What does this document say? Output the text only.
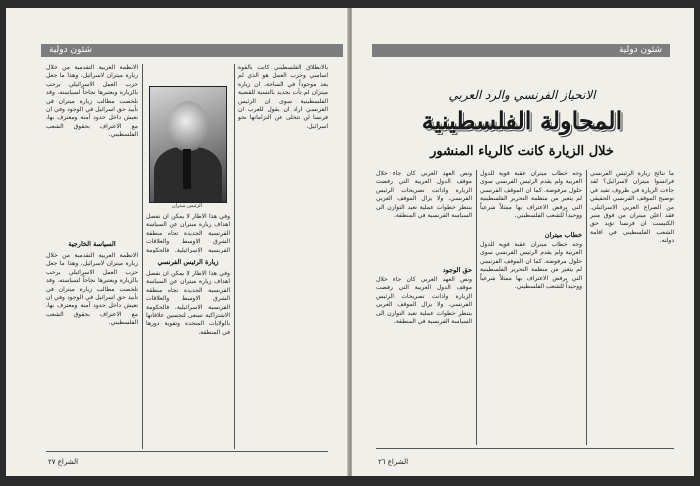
شئون دولية
بالانطلاق الفلسطيني كانت بالقوة اساسي وحزب العمل هو الذي لم يعد موجوداً في الساحة. ان زيارة ميتران لم تأت بجديد بالنسبة للقضية الفلسطينية سوى ان الرئيس الفرنسي اراد ان يقول للعرب ان فرنسا لن تتخلى عن التزاماتها نحو اسرائيل.
الرئيس ميتران
زيارة الرئيس الفرنسي
وفي هذا الاطار لا يمكن ان نفصل اهداف زيارة ميتران عن السياسة الفرنسية الجديدة تجاه منطقة الشرق الاوسط والعلاقات الفرنسية الاسرائيلية. فالحكومة
وفي هذا الاطار لا يمكن ان نفصل اهداف زيارة ميتران عن السياسة الفرنسية الجديدة تجاه منطقة الشرق الاوسط والعلاقات الفرنسية الاسرائيلية. فالحكومة الاشتراكية تسعى لتحسين علاقاتها بالولايات المتحدة وتقوية دورها في المنطقة.
الانظمة العربية التقدمية من خلال زيارة ميتران لاسرائيل، وهذا ما جعل حزب العمل الاسرائيلي يرحب بالزيارة ويعتبرها نجاحاً لسياسته. وقد تلخصت مطالب زيارة ميتران في تأييد حق اسرائيل في الوجود وفي ان تعيش داخل حدود آمنة ومعترف بها، مع الاعتراف بحقوق الشعب الفلسطيني.
السياسة الخارجية
الانظمة العربية التقدمية من خلال زيارة ميتران لاسرائيل، وهذا ما جعل حزب العمل الاسرائيلي يرحب بالزيارة ويعتبرها نجاحاً لسياسته. وقد تلخصت مطالب زيارة ميتران في تأييد حق اسرائيل في الوجود وفي ان تعيش داخل حدود آمنة ومعترف بها، مع الاعتراف بحقوق الشعب الفلسطيني.
الشراع ٢٧
شئون دولية
الانحياز الفرنسي والرد العربي
المحاولة الفلسطينية
خلال الزيارة كانت كالرياء المنشور
ما نتائج زيارة الرئيس الفرنسي فرانسوا ميتران لاسرائيل؟ لقد جاءت الزيارة في ظروف تفيد في توضيح الموقف الفرنسي الحقيقي من الصراع العربي الاسرائيلي. فقد اعلن ميتران من فوق منبر الكنيست ان فرنسا تؤيد حق الشعب الفلسطيني في اقامة دولته.
وجه خطاب ميتران عقبة قوية للدول العربية ولم يقدم الرئيس الفرنسي سوى حلول مرفوضة. كما ان الموقف الفرنسي لم يتغير من منظمة التحرير الفلسطينية التي يرفض الاعتراف بها ممثلاً شرعياً ووحيداً للشعب الفلسطيني.
خطاب ميتران
وجه خطاب ميتران عقبة قوية للدول العربية ولم يقدم الرئيس الفرنسي سوى حلول مرفوضة. كما ان الموقف الفرنسي لم يتغير من منظمة التحرير الفلسطينية التي يرفض الاعتراف بها ممثلاً شرعياً ووحيداً للشعب الفلسطيني.
ونص العهد العربي كان جاء خلال موقف الدول العربية التي رفضت الزيارة وادانت تصريحات الرئيس الفرنسي. ولا يزال الموقف العربي ينتظر خطوات عملية تعيد التوازن الى السياسة الفرنسية في المنطقة.
حق الوجود
ونص العهد العربي كان جاء خلال موقف الدول العربية التي رفضت الزيارة وادانت تصريحات الرئيس الفرنسي. ولا يزال الموقف العربي ينتظر خطوات عملية تعيد التوازن الى السياسة الفرنسية في المنطقة.
الشراع ٢٦
